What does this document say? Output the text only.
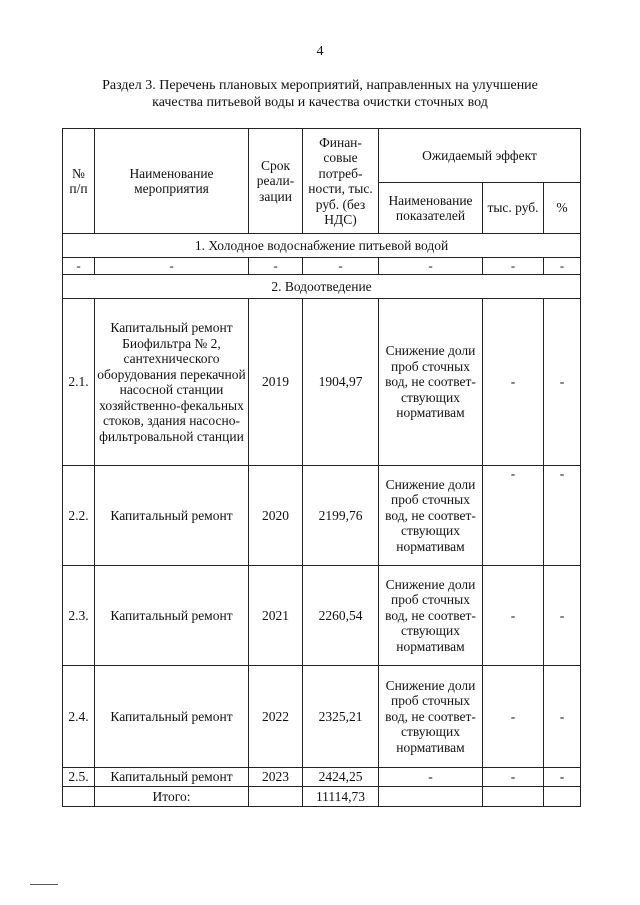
4
Раздел 3. Перечень плановых мероприятий, направленных на улучшение
качества питьевой воды и качества очистки сточных вод
№ п/п	Наименование мероприятия	Срок реали-зации	Финан-совые потреб-ности, тыс. руб. (без НДС)	Ожидаемый эффект		
				Наименование показателей	тыс. руб.	%
1. Холодное водоснабжение питьевой водой						
-	-	-	-	-	-	-
2. Водоотведение						
2.1.	Капитальный ремонт Биофильтра № 2, сантехнического оборудования перекачной насосной станции хозяйственно-фекальных стоков, здания насосно-фильтровальной станции	2019	1904,97	Снижение доли проб сточных вод, не соответ-ствующих нормативам	-	-
2.2.	Капитальный ремонт	2020	2199,76	Снижение доли проб сточных вод, не соответ-ствующих нормативам	-	-
2.3.	Капитальный ремонт	2021	2260,54	Снижение доли проб сточных вод, не соответ-ствующих нормативам	-	-
2.4.	Капитальный ремонт	2022	2325,21	Снижение доли проб сточных вод, не соответ-ствующих нормативам	-	-
2.5.	Капитальный ремонт	2023	2424,25	-	-	-
	Итого:		11114,73			
